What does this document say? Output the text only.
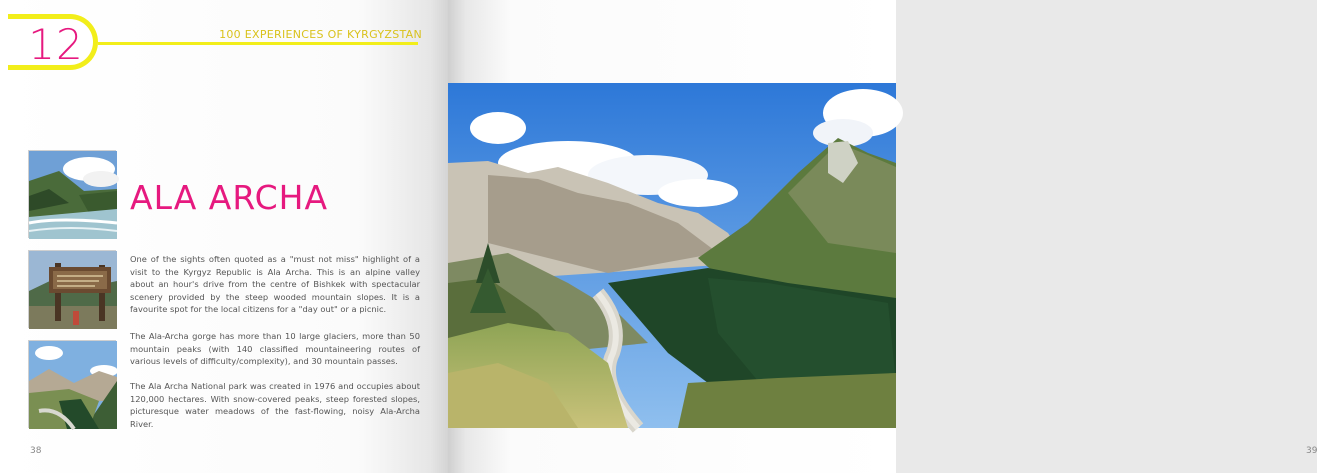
12	100 EXPERIENCES OF KYRGYZSTAN
ALA ARCHA

One of the sights often quoted as a "must not miss" highlight of a visit to the Kyrgyz Republic is Ala Archa. This is an alpine valley about an hour's drive from the centre of Bishkek with spectacular scenery provided by the steep wooded mountain slopes. It is a favourite spot for the local citizens for a "day out" or a picnic.

The Ala-Archa gorge has more than 10 large glaciers, more than 50 mountain peaks (with 140 classified mountaineering routes of various levels of difficulty/complexity), and 30 mountain passes.

The Ala Archa National park was created in 1976 and occupies about 120,000 hectares. With snow-covered peaks, steep forested slopes, picturesque water meadows of the fast-flowing, noisy Ala-Archa River.

38	39
